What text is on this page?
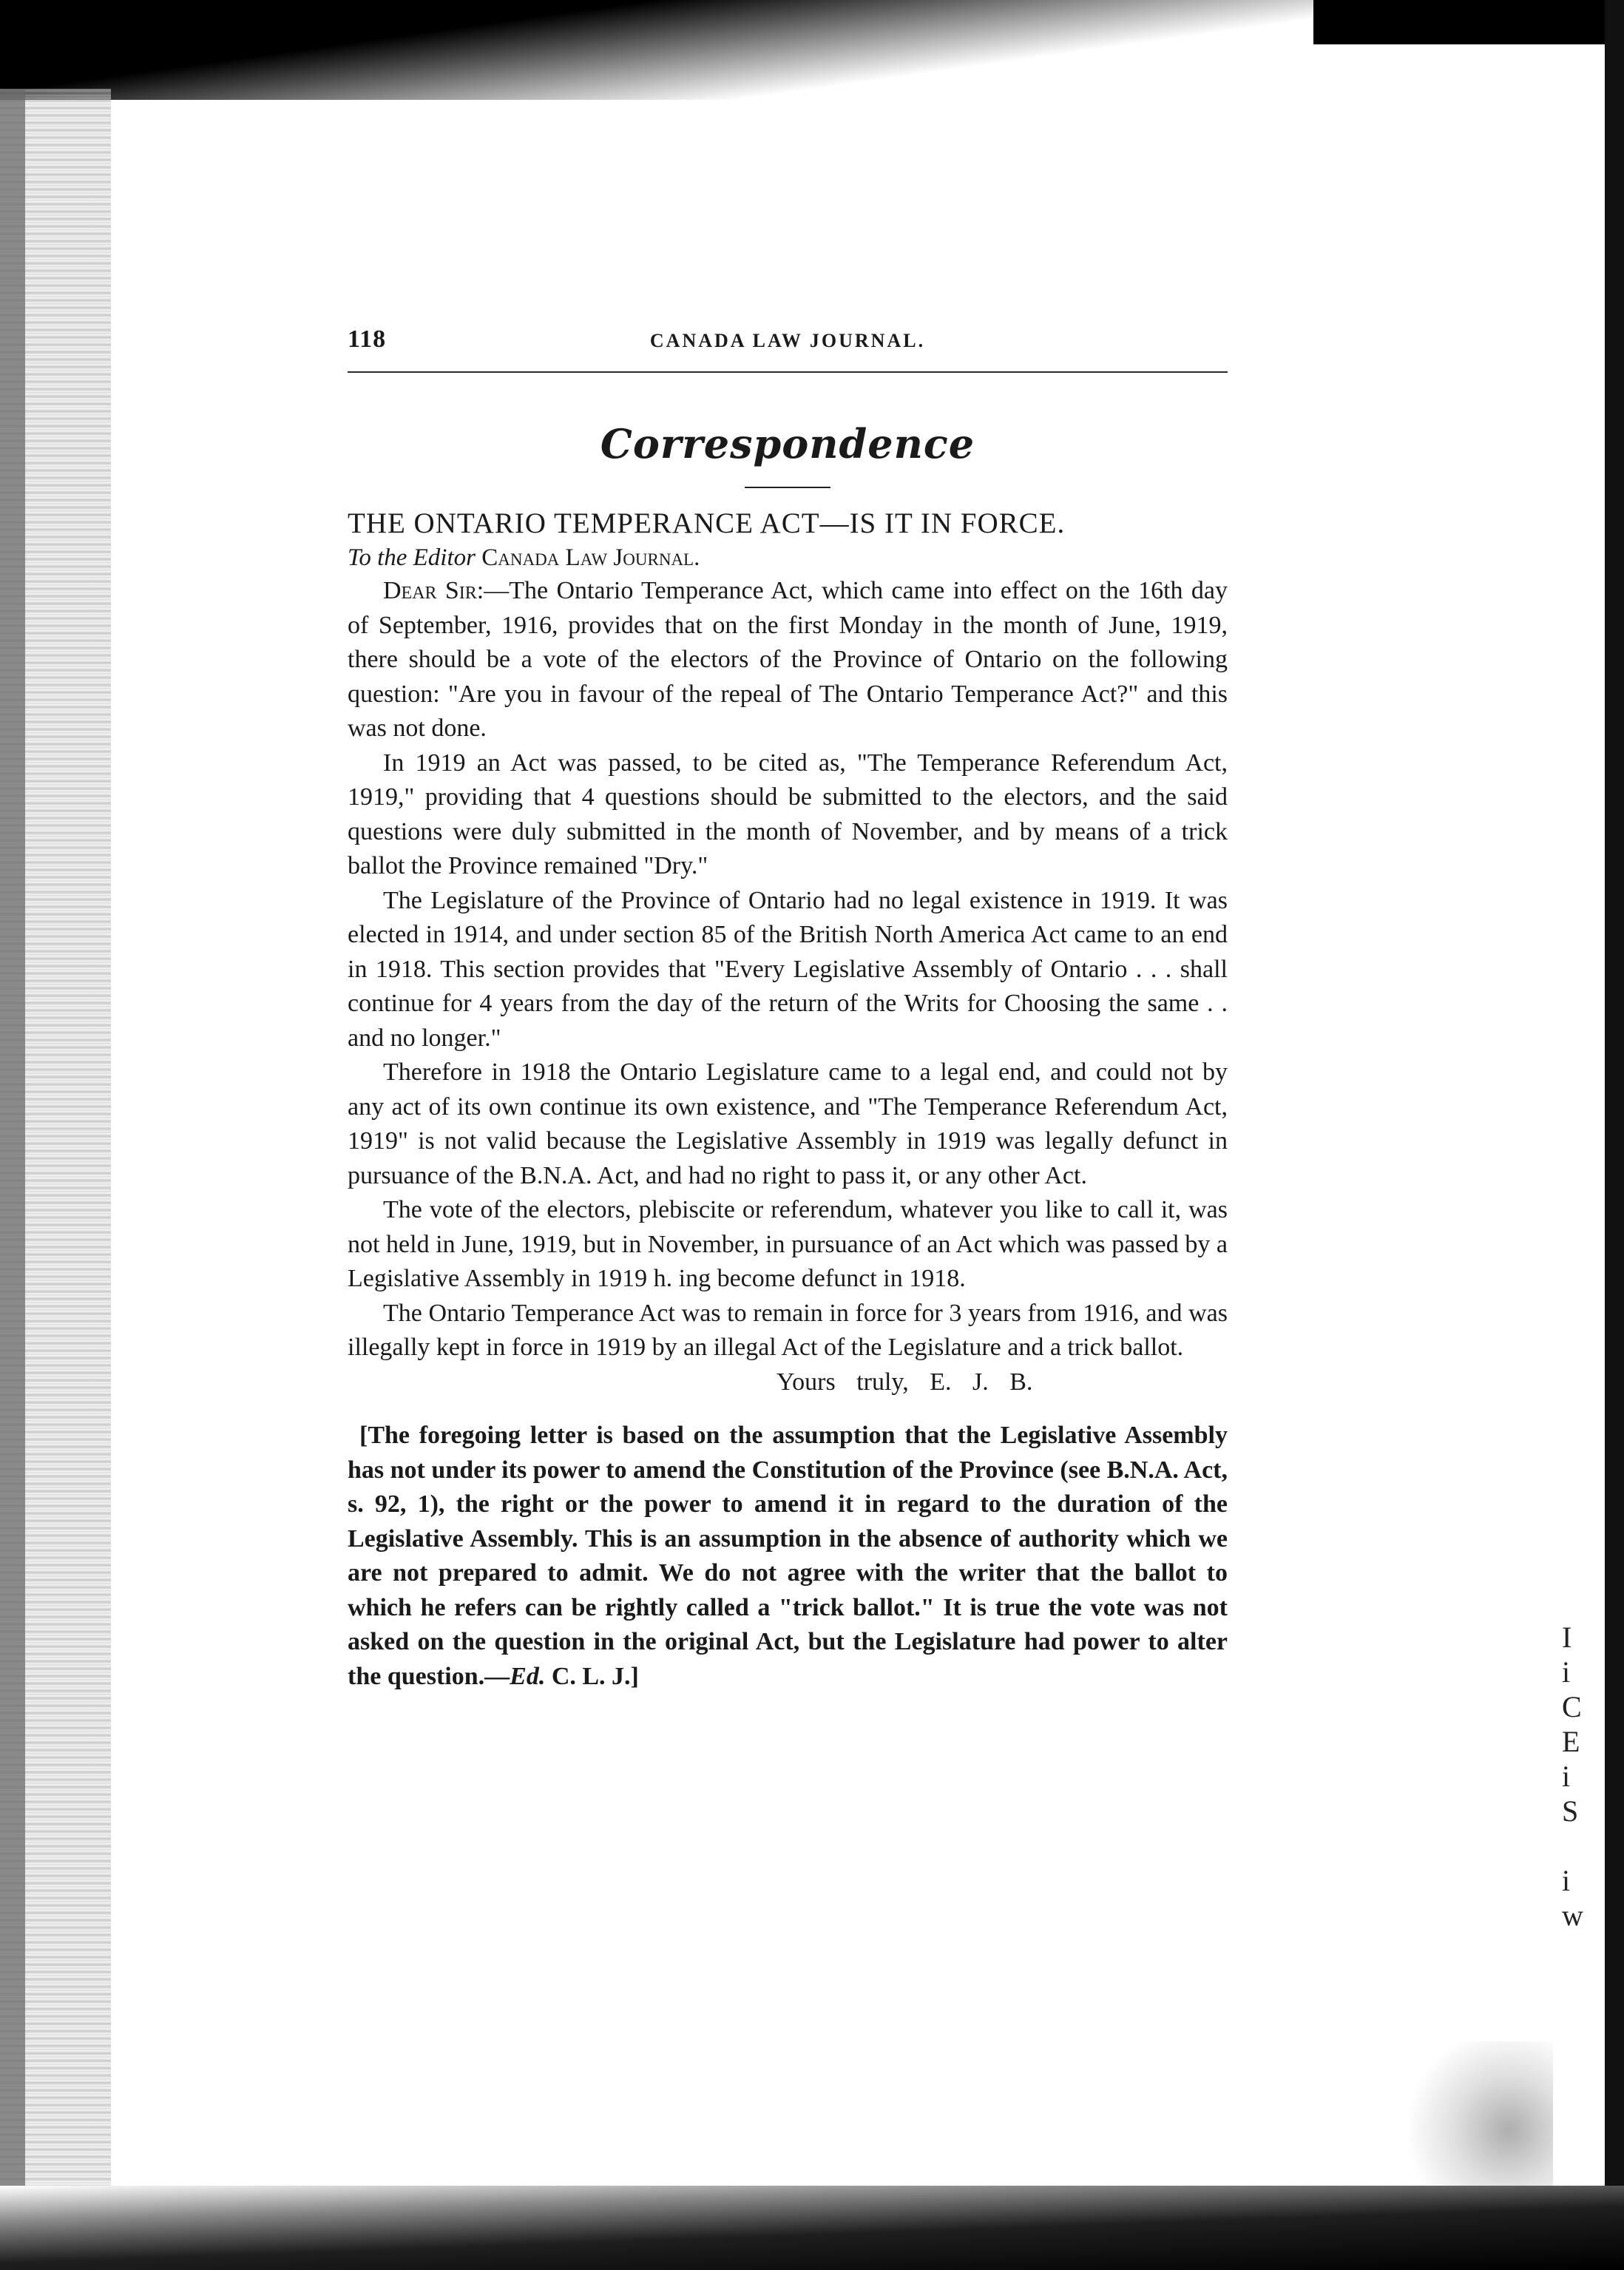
I
i
C
E
i
S
i
w
118	CANADA LAW JOURNAL.
Correspondence
THE ONTARIO TEMPERANCE ACT—IS IT IN FORCE.
To the Editor Canada Law Journal.

Dear Sir:—The Ontario Temperance Act, which came into effect on the 16th day of September, 1916, provides that on the first Monday in the month of June, 1919, there should be a vote of the electors of the Province of Ontario on the following question: "Are you in favour of the repeal of The Ontario Temperance Act?" and this was not done.

In 1919 an Act was passed, to be cited as, "The Temperance Referendum Act, 1919," providing that 4 questions should be submitted to the electors, and the said questions were duly submitted in the month of November, and by means of a trick ballot the Province remained "Dry."

The Legislature of the Province of Ontario had no legal existence in 1919. It was elected in 1914, and under section 85 of the British North America Act came to an end in 1918. This section provides that "Every Legislative Assembly of Ontario . . . shall continue for 4 years from the day of the return of the Writs for Choosing the same . . and no longer."

Therefore in 1918 the Ontario Legislature came to a legal end, and could not by any act of its own continue its own existence, and "The Temperance Referendum Act, 1919" is not valid because the Legislative Assembly in 1919 was legally defunct in pursuance of the B.N.A. Act, and had no right to pass it, or any other Act.

The vote of the electors, plebiscite or referendum, whatever you like to call it, was not held in June, 1919, but in November, in pursuance of an Act which was passed by a Legislative Assembly in 1919 h. ing become defunct in 1918.

The Ontario Temperance Act was to remain in force for 3 years from 1916, and was illegally kept in force in 1919 by an illegal Act of the Legislature and a trick ballot.

Yours truly, E. J. B.

[The foregoing letter is based on the assumption that the Legislative Assembly has not under its power to amend the Constitution of the Province (see B.N.A. Act, s. 92, 1), the right or the power to amend it in regard to the duration of the Legislative Assembly. This is an assumption in the absence of authority which we are not prepared to admit. We do not agree with the writer that the ballot to which he refers can be rightly called a "trick ballot." It is true the vote was not asked on the question in the original Act, but the Legislature had power to alter the question.—Ed. C. L. J.]
